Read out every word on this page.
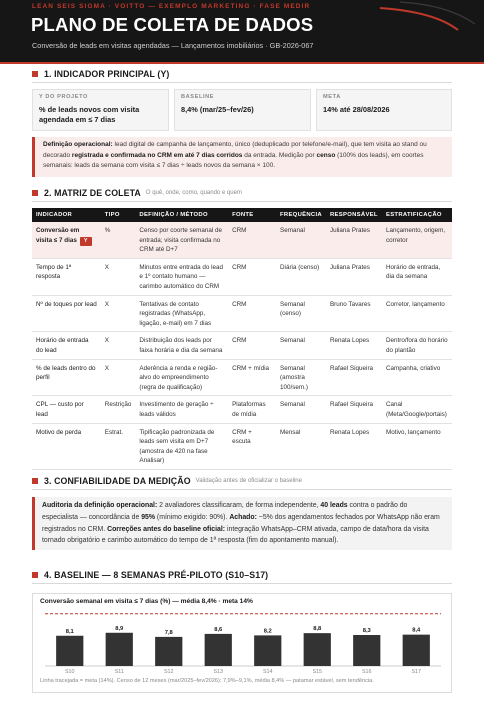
LEAN SEIS SIGMA · VOITTO — EXEMPLO MARKETING · FASE MEDIR
PLANO DE COLETA DE DADOS
Conversão de leads em visitas agendadas — Lançamentos imobiliários · GB-2026-067
1. INDICADOR PRINCIPAL (Y)
Y DO PROJETO
% de leads novos com visita agendada em ≤ 7 dias
BASELINE
8,4% (mar/25–fev/26)
META
14% até 28/08/2026
Definição operacional: lead digital de campanha de lançamento, único (deduplicado por telefone/e-mail), que tem visita ao stand ou decorado registrada e confirmada no CRM em até 7 dias corridos da entrada. Medição por censo (100% dos leads), em coortes semanais: leads da semana com visita ≤ 7 dias ÷ leads novos da semana × 100.
2. MATRIZ DE COLETA O quê, onde, como, quando e quem
INDICADOR	TIPO	DEFINIÇÃO / MÉTODO	FONTE	FREQUÊNCIA	RESPONSÁVEL	ESTRATIFICAÇÃO
Conversão em visita ≤ 7 dias Y	%	Censo por coorte semanal de entrada; visita confirmada no CRM até D+7	CRM	Semanal	Juliana Prates	Lançamento, origem, corretor
Tempo de 1ª resposta	X	Minutos entre entrada do lead e 1º contato humano — carimbo automático do CRM	CRM	Diária (censo)	Juliana Prates	Horário de entrada, dia da semana
Nº de toques por lead	X	Tentativas de contato registradas (WhatsApp, ligação, e-mail) em 7 dias	CRM	Semanal (censo)	Bruno Tavares	Corretor, lançamento
Horário de entrada do lead	X	Distribuição dos leads por faixa horária e dia da semana	CRM	Semanal	Renata Lopes	Dentro/fora do horário do plantão
% de leads dentro do perfil	X	Aderência a renda e região-alvo do empreendimento (regra de qualificação)	CRM + mídia	Semanal (amostra 100/sem.)	Rafael Siqueira	Campanha, criativo
CPL — custo por lead	Restrição	Investimento de geração ÷ leads válidos	Plataformas de mídia	Semanal	Rafael Siqueira	Canal (Meta/Google/portais)
Motivo de perda	Estrat.	Tipificação padronizada de leads sem visita em D+7 (amostra de 420 na fase Analisar)	CRM + escuta	Mensal	Renata Lopes	Motivo, lançamento
3. CONFIABILIDADE DA MEDIÇÃO Validação antes de oficializar o baseline
Auditoria da definição operacional: 2 avaliadores classificaram, de forma independente, 40 leads contra o padrão do especialista — concordância de 95% (mínimo exigido: 90%). Achado: ~5% dos agendamentos fechados por WhatsApp não eram registrados no CRM. Correções antes do baseline oficial: integração WhatsApp–CRM ativada, campo de data/hora da visita tornado obrigatório e carimbo automático do tempo de 1ª resposta (fim do apontamento manual).
4. BASELINE — 8 SEMANAS PRÉ-PILOTO (S10–S17)
8,1
S10
8,9
S11
7,8
S12
8,6
S13
8,2
S14
8,8
S15
8,3
S16
8,4
S17
Conversão semanal em visita ≤ 7 dias (%) — média 8,4% · meta 14%
Linha tracejada = meta (14%). Censo de 12 meses (mar/2025–fev/2026): 7,9%–9,1%, média 8,4% — patamar estável, sem tendência.
